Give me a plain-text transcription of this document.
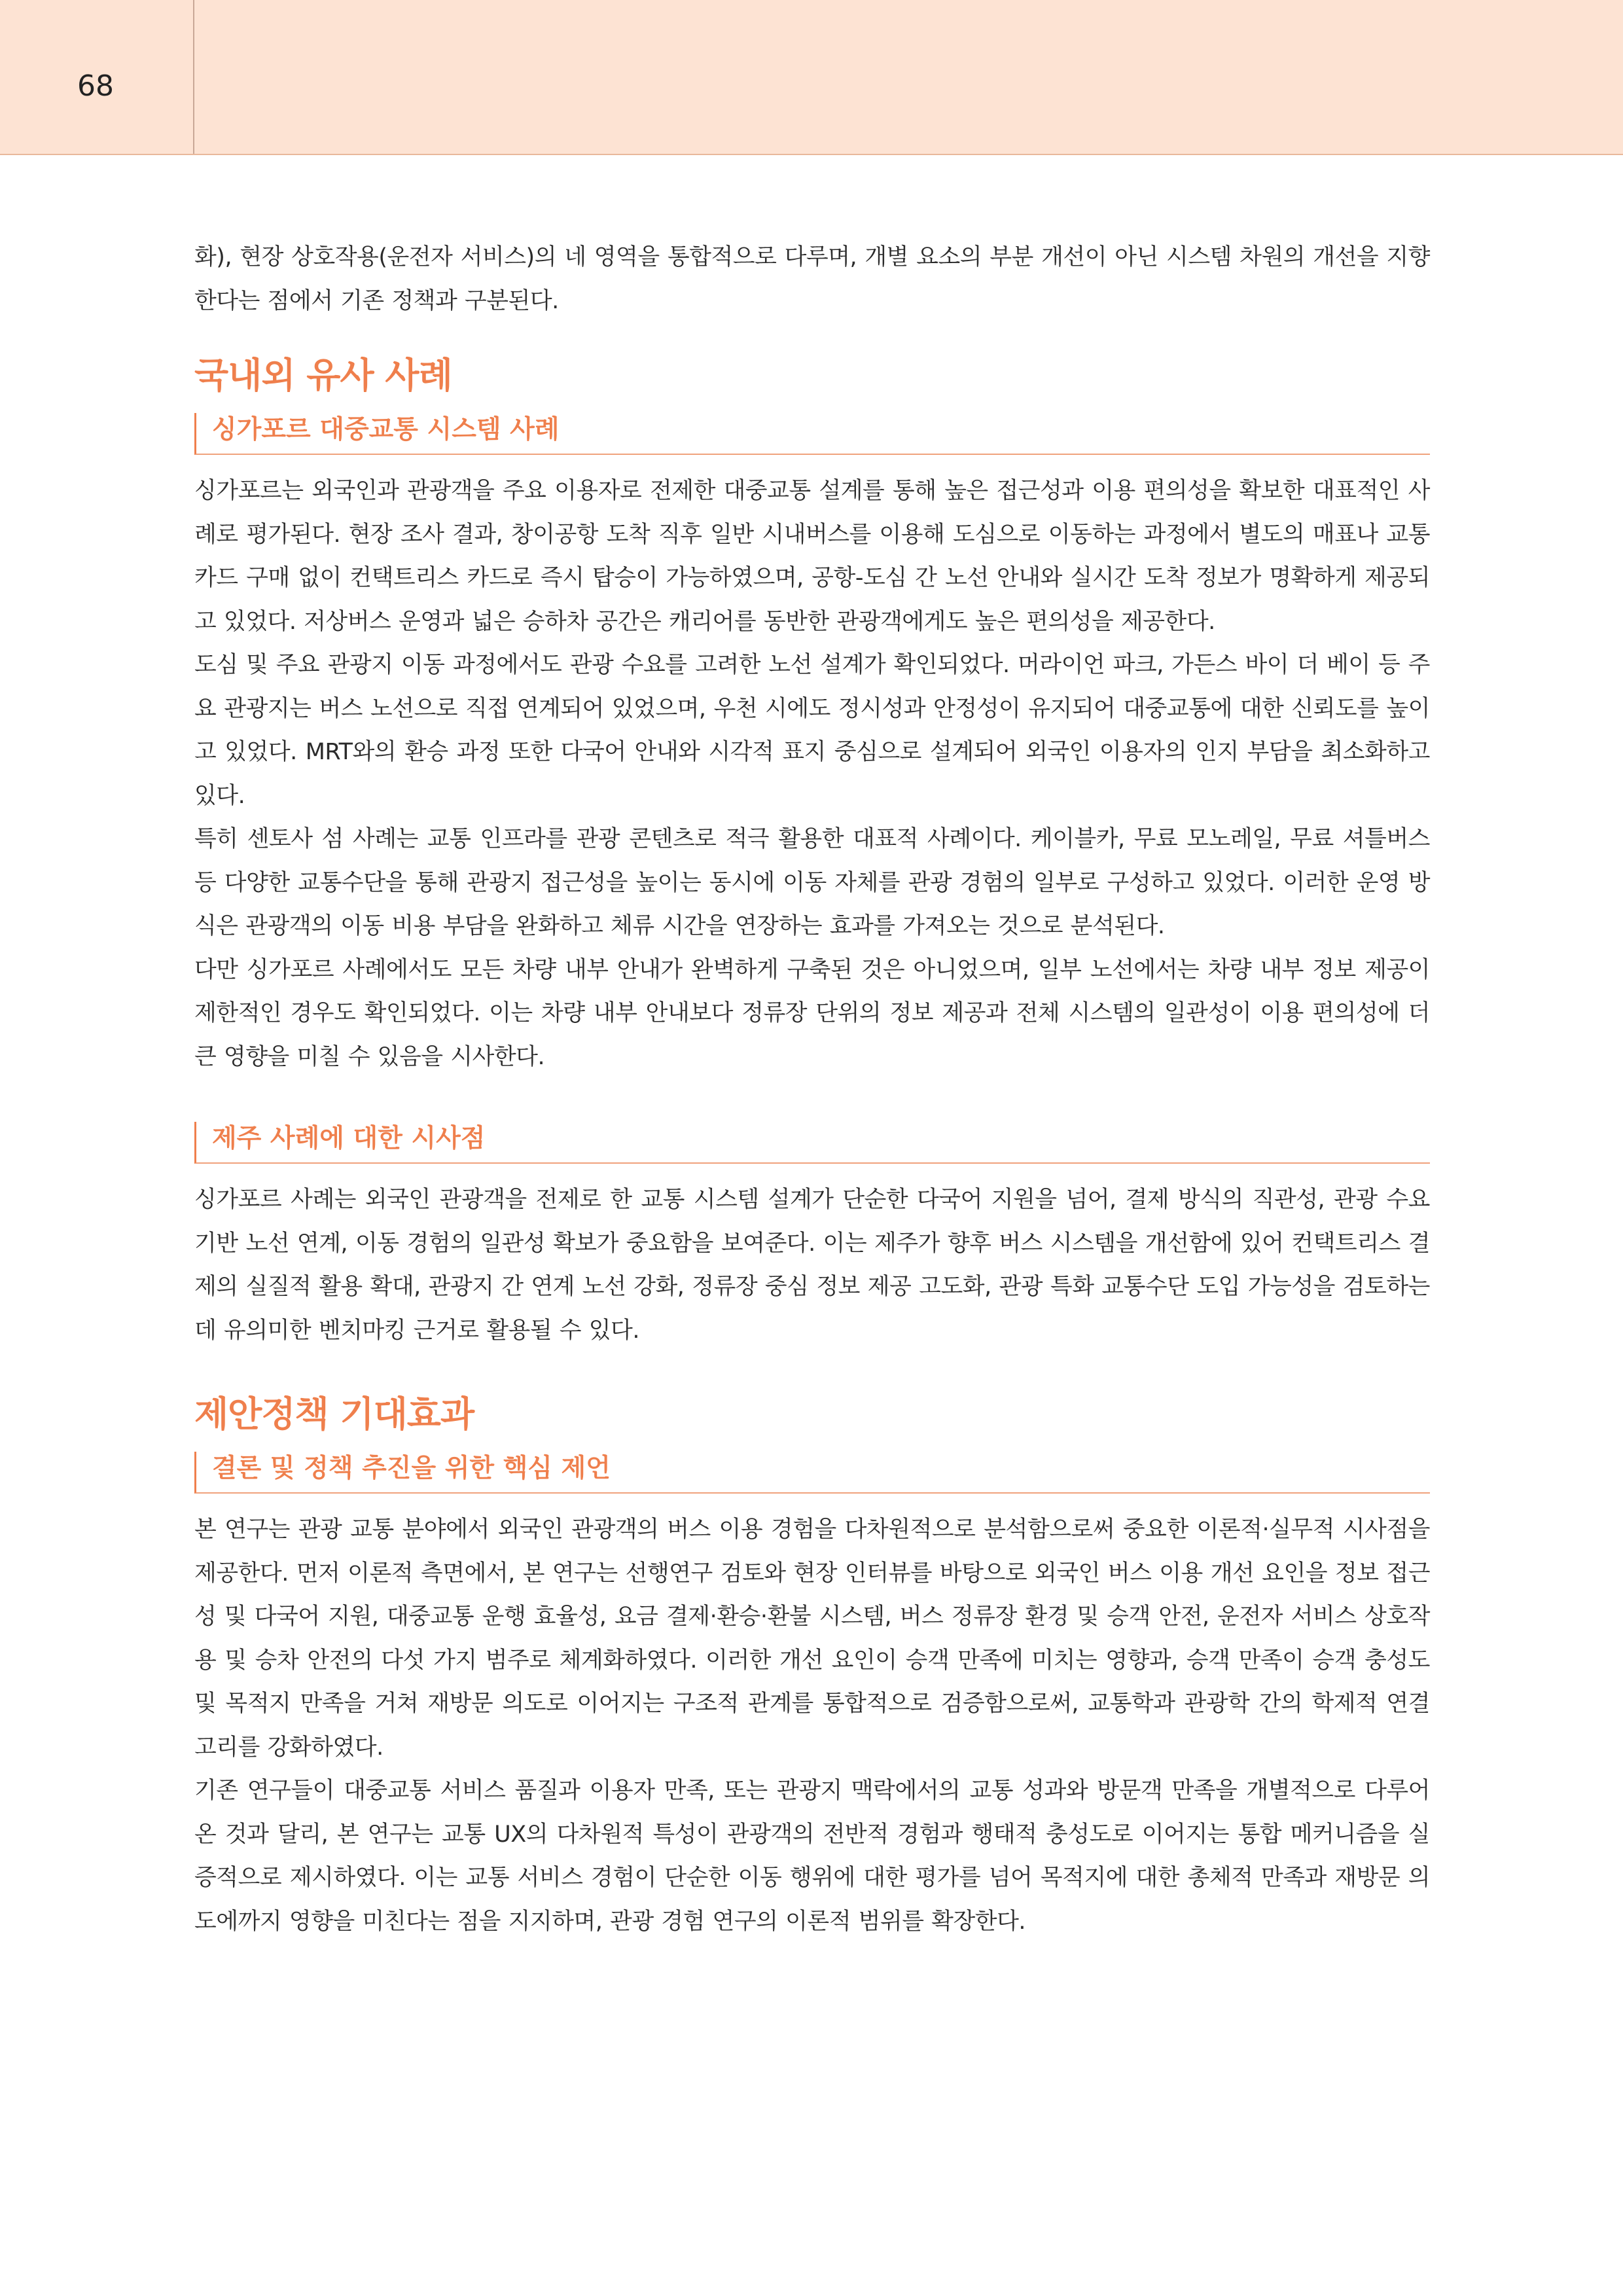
68

화), 현장 상호작용(운전자 서비스)의 네 영역을 통합적으로 다루며, 개별 요소의 부분 개선이 아닌 시스템 차원의 개선을 지향한다는 점에서 기존 정책과 구분된다.

국내외 유사 사례
싱가포르 대중교통 시스템 사례

싱가포르는 외국인과 관광객을 주요 이용자로 전제한 대중교통 설계를 통해 높은 접근성과 이용 편의성을 확보한 대표적인 사례로 평가된다. 현장 조사 결과, 창이공항 도착 직후 일반 시내버스를 이용해 도심으로 이동하는 과정에서 별도의 매표나 교통카드 구매 없이 컨택트리스 카드로 즉시 탑승이 가능하였으며, 공항-도심 간 노선 안내와 실시간 도착 정보가 명확하게 제공되고 있었다. 저상버스 운영과 넓은 승하차 공간은 캐리어를 동반한 관광객에게도 높은 편의성을 제공한다.

도심 및 주요 관광지 이동 과정에서도 관광 수요를 고려한 노선 설계가 확인되었다. 머라이언 파크, 가든스 바이 더 베이 등 주요 관광지는 버스 노선으로 직접 연계되어 있었으며, 우천 시에도 정시성과 안정성이 유지되어 대중교통에 대한 신뢰도를 높이고 있었다. MRT와의 환승 과정 또한 다국어 안내와 시각적 표지 중심으로 설계되어 외국인 이용자의 인지 부담을 최소화하고 있다.

특히 센토사 섬 사례는 교통 인프라를 관광 콘텐츠로 적극 활용한 대표적 사례이다. 케이블카, 무료 모노레일, 무료 셔틀버스 등 다양한 교통수단을 통해 관광지 접근성을 높이는 동시에 이동 자체를 관광 경험의 일부로 구성하고 있었다. 이러한 운영 방식은 관광객의 이동 비용 부담을 완화하고 체류 시간을 연장하는 효과를 가져오는 것으로 분석된다.

다만 싱가포르 사례에서도 모든 차량 내부 안내가 완벽하게 구축된 것은 아니었으며, 일부 노선에서는 차량 내부 정보 제공이 제한적인 경우도 확인되었다. 이는 차량 내부 안내보다 정류장 단위의 정보 제공과 전체 시스템의 일관성이 이용 편의성에 더 큰 영향을 미칠 수 있음을 시사한다.

제주 사례에 대한 시사점

싱가포르 사례는 외국인 관광객을 전제로 한 교통 시스템 설계가 단순한 다국어 지원을 넘어, 결제 방식의 직관성, 관광 수요 기반 노선 연계, 이동 경험의 일관성 확보가 중요함을 보여준다. 이는 제주가 향후 버스 시스템을 개선함에 있어 컨택트리스 결제의 실질적 활용 확대, 관광지 간 연계 노선 강화, 정류장 중심 정보 제공 고도화, 관광 특화 교통수단 도입 가능성을 검토하는 데 유의미한 벤치마킹 근거로 활용될 수 있다.

제안정책 기대효과
결론 및 정책 추진을 위한 핵심 제언

본 연구는 관광 교통 분야에서 외국인 관광객의 버스 이용 경험을 다차원적으로 분석함으로써 중요한 이론적·실무적 시사점을 제공한다. 먼저 이론적 측면에서, 본 연구는 선행연구 검토와 현장 인터뷰를 바탕으로 외국인 버스 이용 개선 요인을 정보 접근성 및 다국어 지원, 대중교통 운행 효율성, 요금 결제·환승·환불 시스템, 버스 정류장 환경 및 승객 안전, 운전자 서비스 상호작용 및 승차 안전의 다섯 가지 범주로 체계화하였다. 이러한 개선 요인이 승객 만족에 미치는 영향과, 승객 만족이 승객 충성도 및 목적지 만족을 거쳐 재방문 의도로 이어지는 구조적 관계를 통합적으로 검증함으로써, 교통학과 관광학 간의 학제적 연결 고리를 강화하였다.

기존 연구들이 대중교통 서비스 품질과 이용자 만족, 또는 관광지 맥락에서의 교통 성과와 방문객 만족을 개별적으로 다루어 온 것과 달리, 본 연구는 교통 UX의 다차원적 특성이 관광객의 전반적 경험과 행태적 충성도로 이어지는 통합 메커니즘을 실증적으로 제시하였다. 이는 교통 서비스 경험이 단순한 이동 행위에 대한 평가를 넘어 목적지에 대한 총체적 만족과 재방문 의도에까지 영향을 미친다는 점을 지지하며, 관광 경험 연구의 이론적 범위를 확장한다.
